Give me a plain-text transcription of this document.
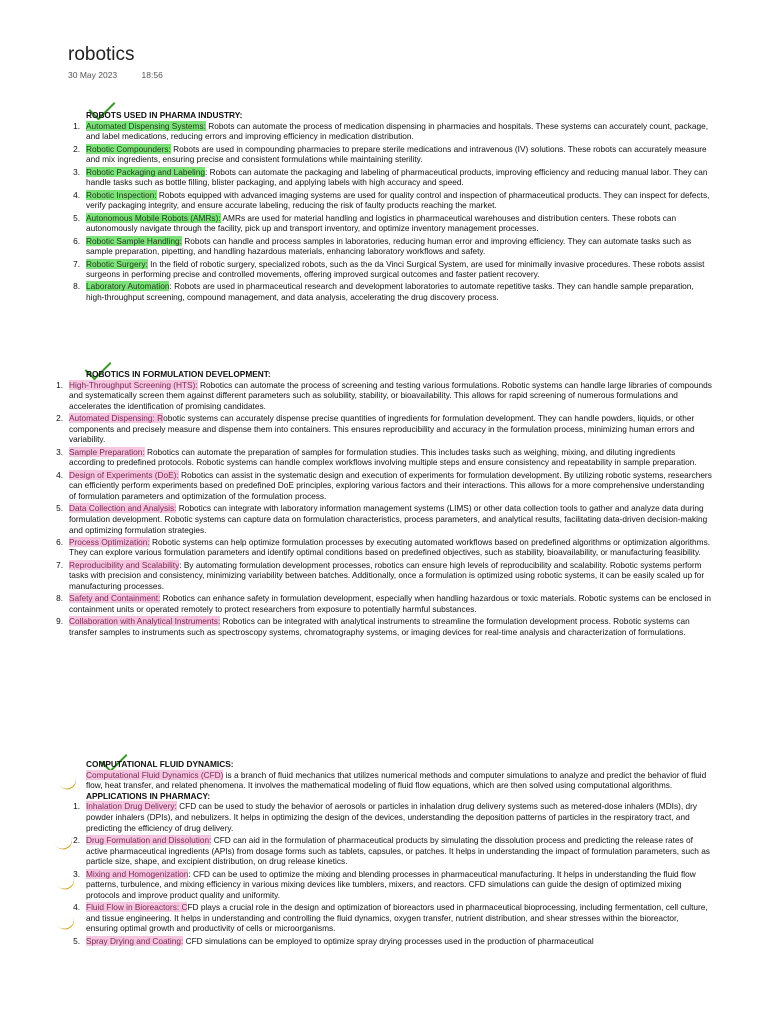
robotics
30 May 2023	18:56

ROBOTS USED IN PHARMA INDUSTRY:

1. Automated Dispensing Systems: Robots can automate the process of medication dispensing in pharmacies and hospitals. These systems can accurately count, package, and label medications, reducing errors and improving efficiency in medication distribution.
2. Robotic Compounders: Robots are used in compounding pharmacies to prepare sterile medications and intravenous (IV) solutions. These robots can accurately measure and mix ingredients, ensuring precise and consistent formulations while maintaining sterility.
3. Robotic Packaging and Labeling: Robots can automate the packaging and labeling of pharmaceutical products, improving efficiency and reducing manual labor. They can handle tasks such as bottle filling, blister packaging, and applying labels with high accuracy and speed.
4. Robotic Inspection: Robots equipped with advanced imaging systems are used for quality control and inspection of pharmaceutical products. They can inspect for defects, verify packaging integrity, and ensure accurate labeling, reducing the risk of faulty products reaching the market.
5. Autonomous Mobile Robots (AMRs): AMRs are used for material handling and logistics in pharmaceutical warehouses and distribution centers. These robots can autonomously navigate through the facility, pick up and transport inventory, and optimize inventory management processes.
6. Robotic Sample Handling: Robots can handle and process samples in laboratories, reducing human error and improving efficiency. They can automate tasks such as sample preparation, pipetting, and handling hazardous materials, enhancing laboratory workflows and safety.
7. Robotic Surgery: In the field of robotic surgery, specialized robots, such as the da Vinci Surgical System, are used for minimally invasive procedures. These robots assist surgeons in performing precise and controlled movements, offering improved surgical outcomes and faster patient recovery.
8. Laboratory Automation: Robots are used in pharmaceutical research and development laboratories to automate repetitive tasks. They can handle sample preparation, high-throughput screening, compound management, and data analysis, accelerating the drug discovery process.

ROBOTICS IN FORMULATION DEVELOPMENT:

1. High-Throughput Screening (HTS): Robotics can automate the process of screening and testing various formulations. Robotic systems can handle large libraries of compounds and systematically screen them against different parameters such as solubility, stability, or bioavailability. This allows for rapid screening of numerous formulations and accelerates the identification of promising candidates.
2. Automated Dispensing: Robotic systems can accurately dispense precise quantities of ingredients for formulation development. They can handle powders, liquids, or other components and precisely measure and dispense them into containers. This ensures reproducibility and accuracy in the formulation process, minimizing human errors and variability.
3. Sample Preparation: Robotics can automate the preparation of samples for formulation studies. This includes tasks such as weighing, mixing, and diluting ingredients according to predefined protocols. Robotic systems can handle complex workflows involving multiple steps and ensure consistency and repeatability in sample preparation.
4. Design of Experiments (DoE): Robotics can assist in the systematic design and execution of experiments for formulation development. By utilizing robotic systems, researchers can efficiently perform experiments based on predefined DoE principles, exploring various factors and their interactions. This allows for a more comprehensive understanding of formulation parameters and optimization of the formulation process.
5. Data Collection and Analysis: Robotics can integrate with laboratory information management systems (LIMS) or other data collection tools to gather and analyze data during formulation development. Robotic systems can capture data on formulation characteristics, process parameters, and analytical results, facilitating data-driven decision-making and optimizing formulation strategies.
6. Process Optimization: Robotic systems can help optimize formulation processes by executing automated workflows based on predefined algorithms or optimization algorithms. They can explore various formulation parameters and identify optimal conditions based on predefined objectives, such as stability, bioavailability, or manufacturing feasibility.
7. Reproducibility and Scalability: By automating formulation development processes, robotics can ensure high levels of reproducibility and scalability. Robotic systems perform tasks with precision and consistency, minimizing variability between batches. Additionally, once a formulation is optimized using robotic systems, it can be easily scaled up for manufacturing processes.
8. Safety and Containment: Robotics can enhance safety in formulation development, especially when handling hazardous or toxic materials. Robotic systems can be enclosed in containment units or operated remotely to protect researchers from exposure to potentially harmful substances.
9. Collaboration with Analytical Instruments: Robotics can be integrated with analytical instruments to streamline the formulation development process. Robotic systems can transfer samples to instruments such as spectroscopy systems, chromatography systems, or imaging devices for real-time analysis and characterization of formulations.

COMPUTATIONAL FLUID DYNAMICS:

Computational Fluid Dynamics (CFD) is a branch of fluid mechanics that utilizes numerical methods and computer simulations to analyze and predict the behavior of fluid flow, heat transfer, and related phenomena. It involves the mathematical modeling of fluid flow equations, which are then solved using computational algorithms.

APPLICATIONS IN PHARMACY:

1. Inhalation Drug Delivery: CFD can be used to study the behavior of aerosols or particles in inhalation drug delivery systems such as metered-dose inhalers (MDIs), dry powder inhalers (DPIs), and nebulizers. It helps in optimizing the design of the devices, understanding the deposition patterns of particles in the respiratory tract, and predicting the efficiency of drug delivery.
2. Drug Formulation and Dissolution: CFD can aid in the formulation of pharmaceutical products by simulating the dissolution process and predicting the release rates of active pharmaceutical ingredients (APIs) from dosage forms such as tablets, capsules, or patches. It helps in understanding the impact of formulation parameters, such as particle size, shape, and excipient distribution, on drug release kinetics.
3. Mixing and Homogenization: CFD can be used to optimize the mixing and blending processes in pharmaceutical manufacturing. It helps in understanding the fluid flow patterns, turbulence, and mixing efficiency in various mixing devices like tumblers, mixers, and reactors. CFD simulations can guide the design of optimized mixing protocols and improve product quality and uniformity.
4. Fluid Flow in Bioreactors: CFD plays a crucial role in the design and optimization of bioreactors used in pharmaceutical bioprocessing, including fermentation, cell culture, and tissue engineering. It helps in understanding and controlling the fluid dynamics, oxygen transfer, nutrient distribution, and shear stresses within the bioreactor, ensuring optimal growth and productivity of cells or microorganisms.
5. Spray Drying and Coating: CFD simulations can be employed to optimize spray drying processes used in the production of pharmaceutical
